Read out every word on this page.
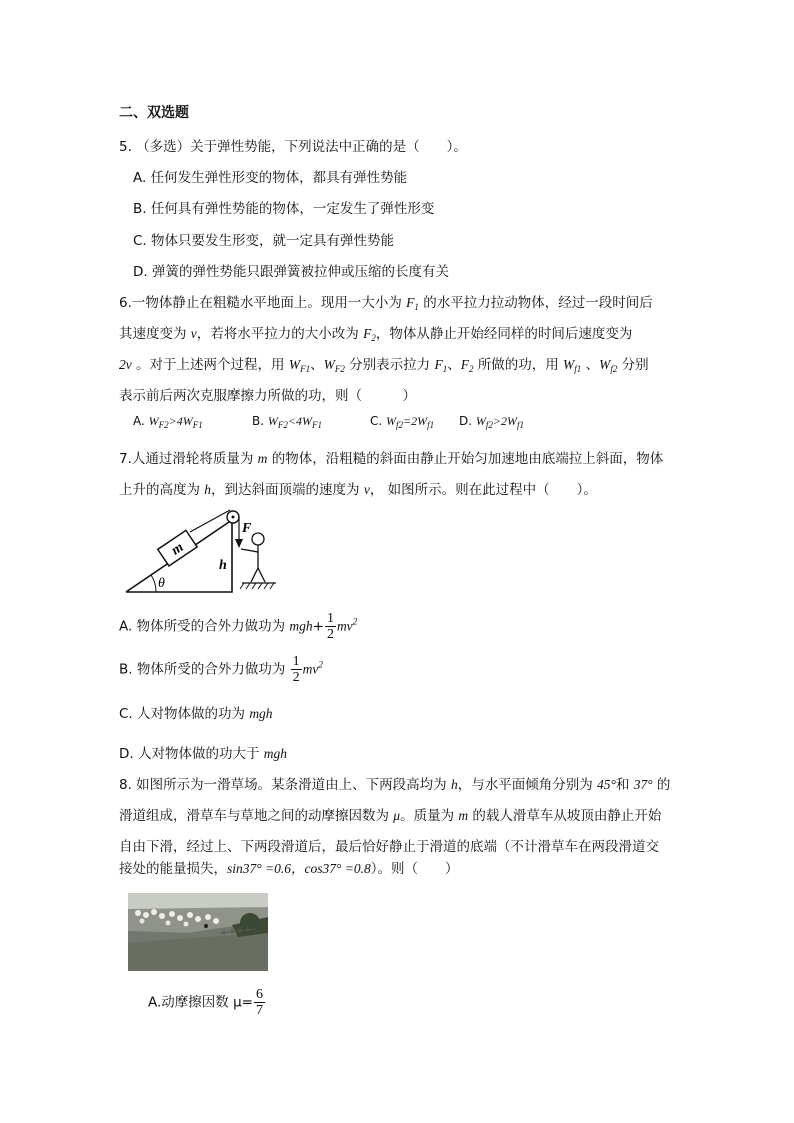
二、双选题
5. （多选）关于弹性势能，下列说法中正确的是（　　）。
A. 任何发生弹性形变的物体，都具有弹性势能
B. 任何具有弹性势能的物体，一定发生了弹性形变
C. 物体只要发生形变，就一定具有弹性势能
D. 弹簧的弹性势能只跟弹簧被拉伸或压缩的长度有关
6.一物体静止在粗糙水平地面上。现用一大小为 $F_1$ 的水平拉力拉动物体，经过一段时间后
其速度变为 v，若将水平拉力的大小改为 $F_2$，物体从静止开始经同样的时间后速度变为
2v 。对于上述两个过程，用 $W_{F1}$、$W_{F2}$ 分别表示拉力 $F_1$、$F_2$ 所做的功，用 $W_{f1}$ 、$W_{f2}$ 分别
表示前后两次克服摩擦力所做的功，则（　　　）
A. $W_{F2}>4W_{F1}$	B. $W_{F2}<4W_{F1}$	C. $W_{f2}=2W_{f1}$ D. $W_{f2}>2W_{f1}$
7.人通过滑轮将质量为 m 的物体，沿粗糙的斜面由静止开始匀加速地由底端拉上斜面，物体
上升的高度为 h，到达斜面顶端的速度为 v， 如图所示。则在此过程中（　　）。
m
F
h
θ
A. 物体所受的合外力做功为 $mgh+ \frac{1}{2} mv^2$
B. 物体所受的合外力做功为 $\frac{1}{2} mv^2$
C. 人对物体做的功为 mgh
D. 人对物体做的功大于 mgh
8. 如图所示为一滑草场。某条滑道由上、下两段高均为 h，与水平面倾角分别为 45°和 37° 的
滑道组成，滑草车与草地之间的动摩擦因数为 μ。质量为 m 的载人滑草车从坡顶由静止开始
自由下滑，经过上、下两段滑道后，最后恰好静止于滑道的底端（不计滑草车在两段滑道交
接处的能量损失，sin37° =0.6，cos37° =0.8）。则（　　）
A.动摩擦因数 $\mu= \frac{6}{7}$
